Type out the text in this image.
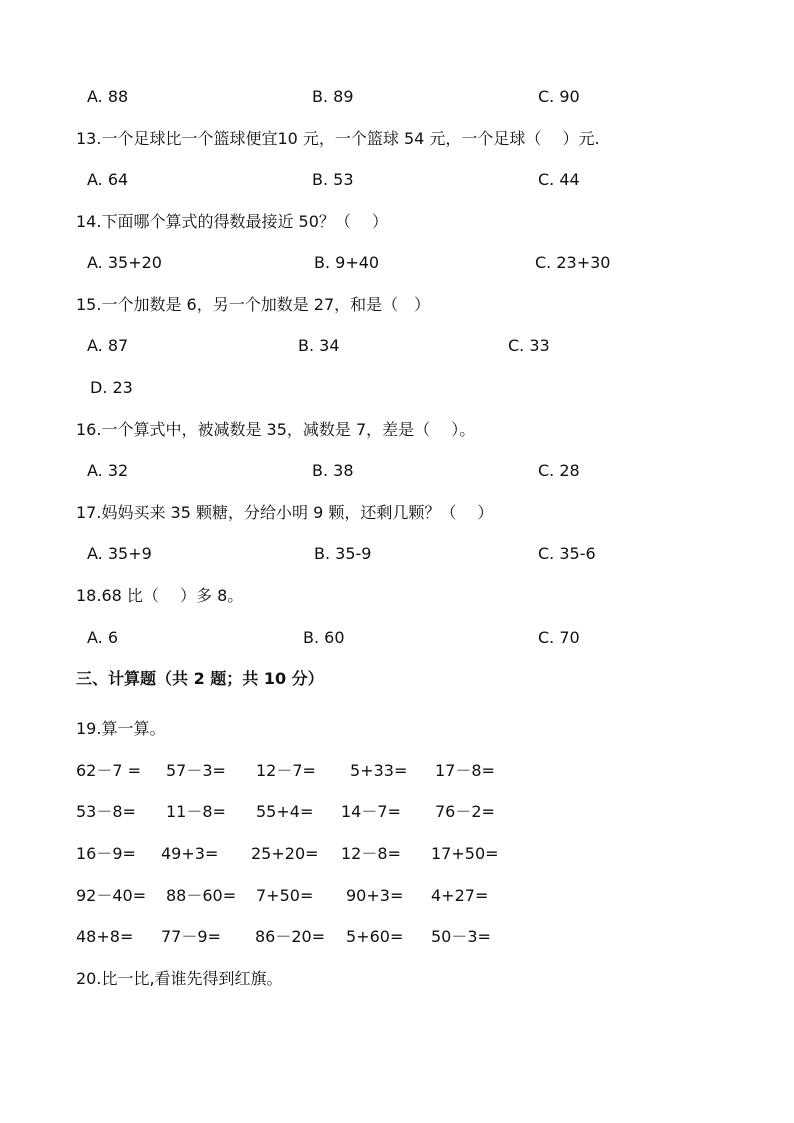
A. 88	B. 89	C. 90
13.一个足球比一个篮球便宜10 元，一个篮球 54 元，一个足球（　 ）元.
A. 64	B. 53	C. 44
14.下面哪个算式的得数最接近 50？（　 ）
A. 35+20	B. 9+40	C. 23+30
15.一个加数是 6，另一个加数是 27，和是（　）
A. 87	B. 34	C. 33
D. 23
16.一个算式中，被减数是 35，减数是 7，差是（　 ）。
A. 32	B. 38	C. 28
17.妈妈买来 35 颗糖，分给小明 9 颗，还剩几颗？（　 ）
A. 35+9	B. 35-9	C. 35-6
18.68 比（　 ）多 8。
A. 6	B. 60	C. 70
三、计算题（共 2 题；共 10 分）
19.算一算。
62－7 = 57－3= 12－7= 5+33= 17－8=
53－8= 11－8= 55+4= 14－7= 76－2=
16－9= 49+3= 25+20= 12－8= 17+50=
92－40= 88－60= 7+50= 90+3= 4+27=
48+8= 77－9= 86－20= 5+60= 50－3=
20.比一比,看谁先得到红旗。
